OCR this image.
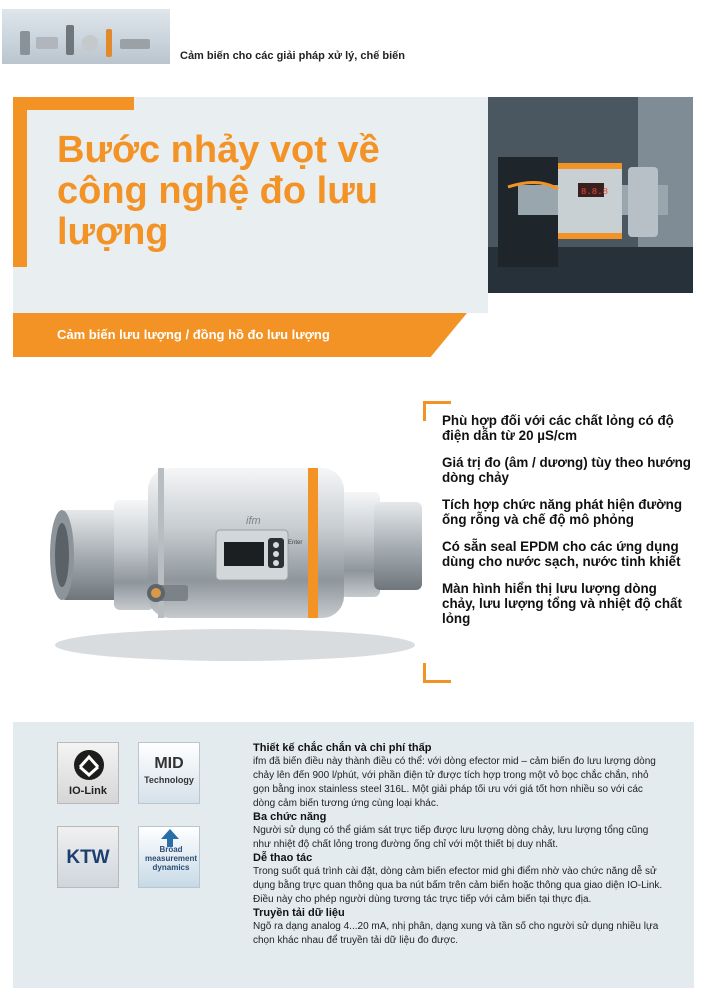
Cảm biến cho các giải pháp xử lý, chế biến
Bước nhảy vọt về công nghệ đo lưu lượng
8.8.8
Cảm biến lưu lượng / đồng hồ đo lưu lượng
ifm
Enter
Phù hợp đối với các chất lỏng có độ điện dẫn từ 20 µS/cm
Giá trị đo (âm / dương) tùy theo hướng dòng chảy
Tích hợp chức năng phát hiện đường ống rỗng và chế độ mô phỏng
Có sẵn seal EPDM cho các ứng dụng dùng cho nước sạch, nước tinh khiết
Màn hình hiển thị lưu lượng dòng chảy, lưu lượng tổng và nhiệt độ chất lỏng
IO-Link
MID
Technology
KTW	Broad measurement dynamics
Thiết kế chắc chắn và chi phí thấp

ifm đã biến điều này thành điều có thể: với dòng efector mid – cảm biến đo lưu lượng dòng chảy lên đến 900 l/phút, với phần điện tử được tích hợp trong một vỏ bọc chắc chắn, nhỏ gọn bằng inox stainless steel 316L. Một giải pháp tối ưu với giá tốt hơn nhiều so với các dòng cảm biến tương ứng cùng loại khác.

Ba chức năng

Người sử dụng có thể giám sát trực tiếp được lưu lượng dòng chảy, lưu lượng tổng cũng như nhiệt độ chất lỏng trong đường ống chỉ với một thiết bị duy nhất.

Dễ thao tác

Trong suốt quá trình cài đặt, dòng cảm biến efector mid ghi điểm nhờ vào chức năng dễ sử dụng bằng trực quan thông qua ba nút bấm trên cảm biến hoặc thông qua giao diện IO-Link. Điều này cho phép người dùng tương tác trực tiếp với cảm biến tại thực địa.

Truyền tải dữ liệu

Ngõ ra dạng analog 4...20 mA, nhị phân, dạng xung và tần số cho người sử dụng nhiều lựa chọn khác nhau để truyền tải dữ liệu đo được.
